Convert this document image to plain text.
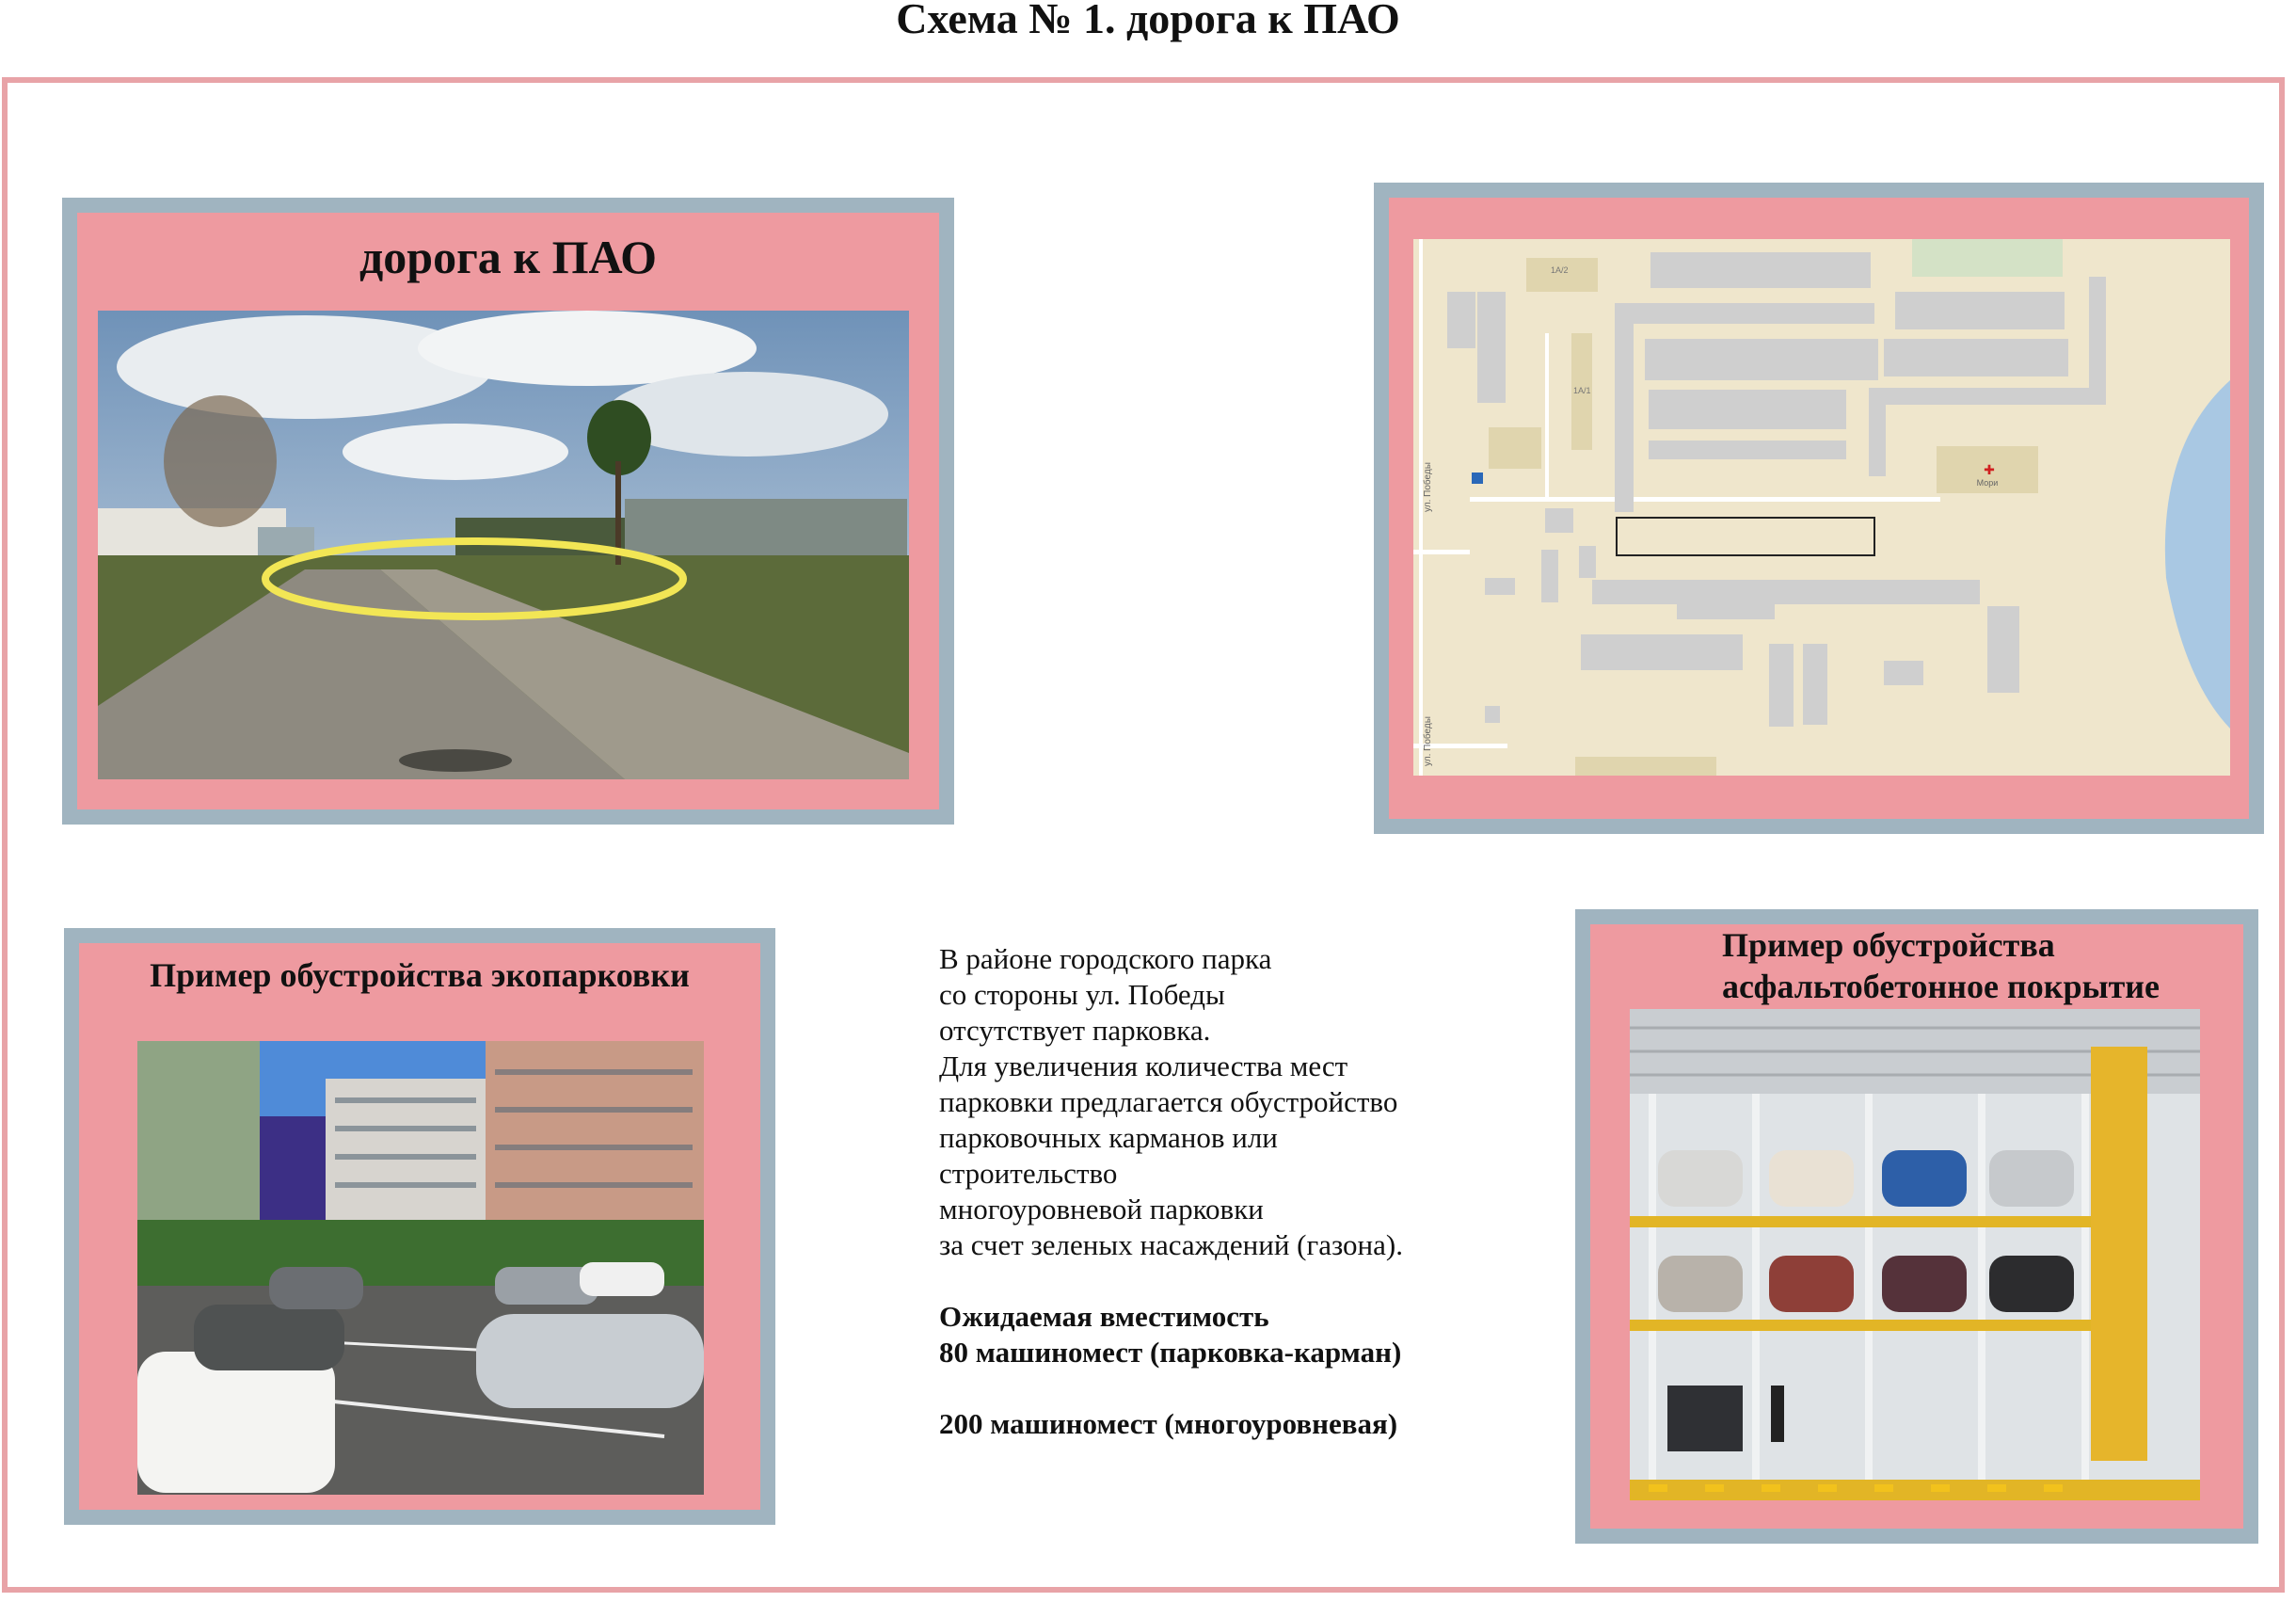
Схема № 1. дорога к ПАО
дорога к ПАО	1А/2
1А/1
Мори
✚
ул. Победы
ул. Победы
Пример обустройства экопарковки
Пример обустройства
асфальтобетонное покрытие
В районе городского парка
со стороны ул. Победы
отсутствует парковка.
Для увеличения количества мест
парковки предлагается обустройство
парковочных карманов или
строительство
многоуровневой парковки
за счет зеленых насаждений (газона).
Ожидаемая вместимость
80 машиномест (парковка-карман)
200 машиномест (многоуровневая)
